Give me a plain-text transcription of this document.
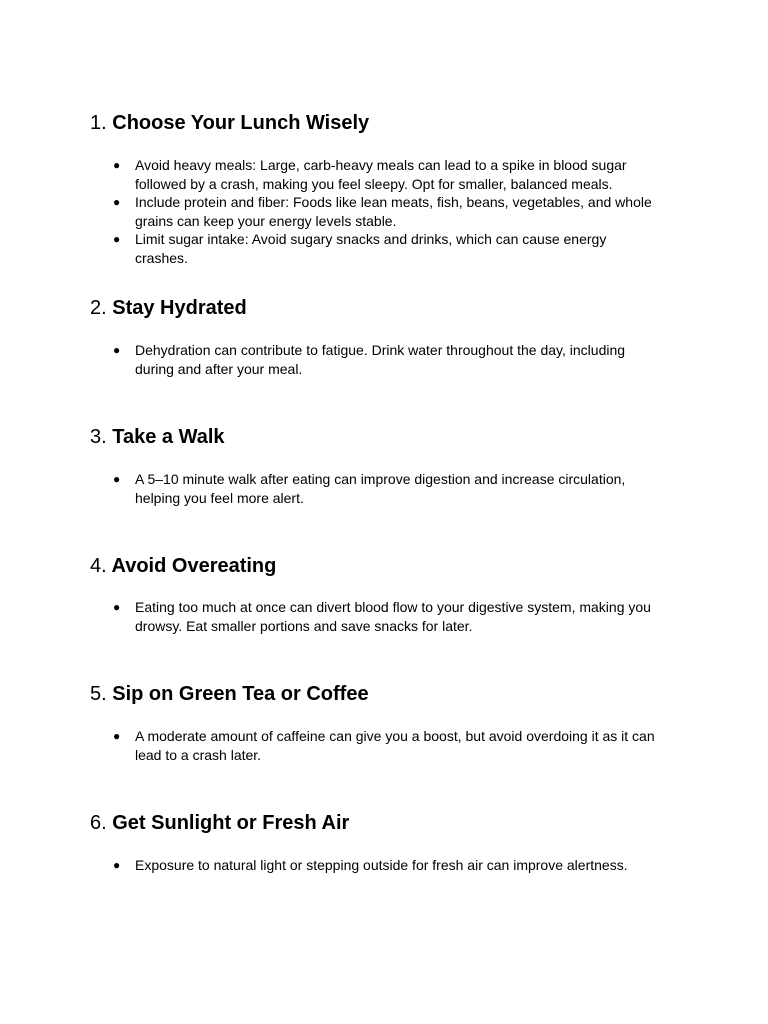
1. Choose Your Lunch Wisely
● Avoid heavy meals: Large, carb-heavy meals can lead to a spike in blood sugar followed by a crash, making you feel sleepy. Opt for smaller, balanced meals.
● Include protein and fiber: Foods like lean meats, fish, beans, vegetables, and whole grains can keep your energy levels stable.
● Limit sugar intake: Avoid sugary snacks and drinks, which can cause energy crashes.
2. Stay Hydrated
● Dehydration can contribute to fatigue. Drink water throughout the day, including during and after your meal.
3. Take a Walk
● A 5–10 minute walk after eating can improve digestion and increase circulation, helping you feel more alert.
4. Avoid Overeating
● Eating too much at once can divert blood flow to your digestive system, making you drowsy. Eat smaller portions and save snacks for later.
5. Sip on Green Tea or Coffee
● A moderate amount of caffeine can give you a boost, but avoid overdoing it as it can lead to a crash later.
6. Get Sunlight or Fresh Air
● Exposure to natural light or stepping outside for fresh air can improve alertness.
